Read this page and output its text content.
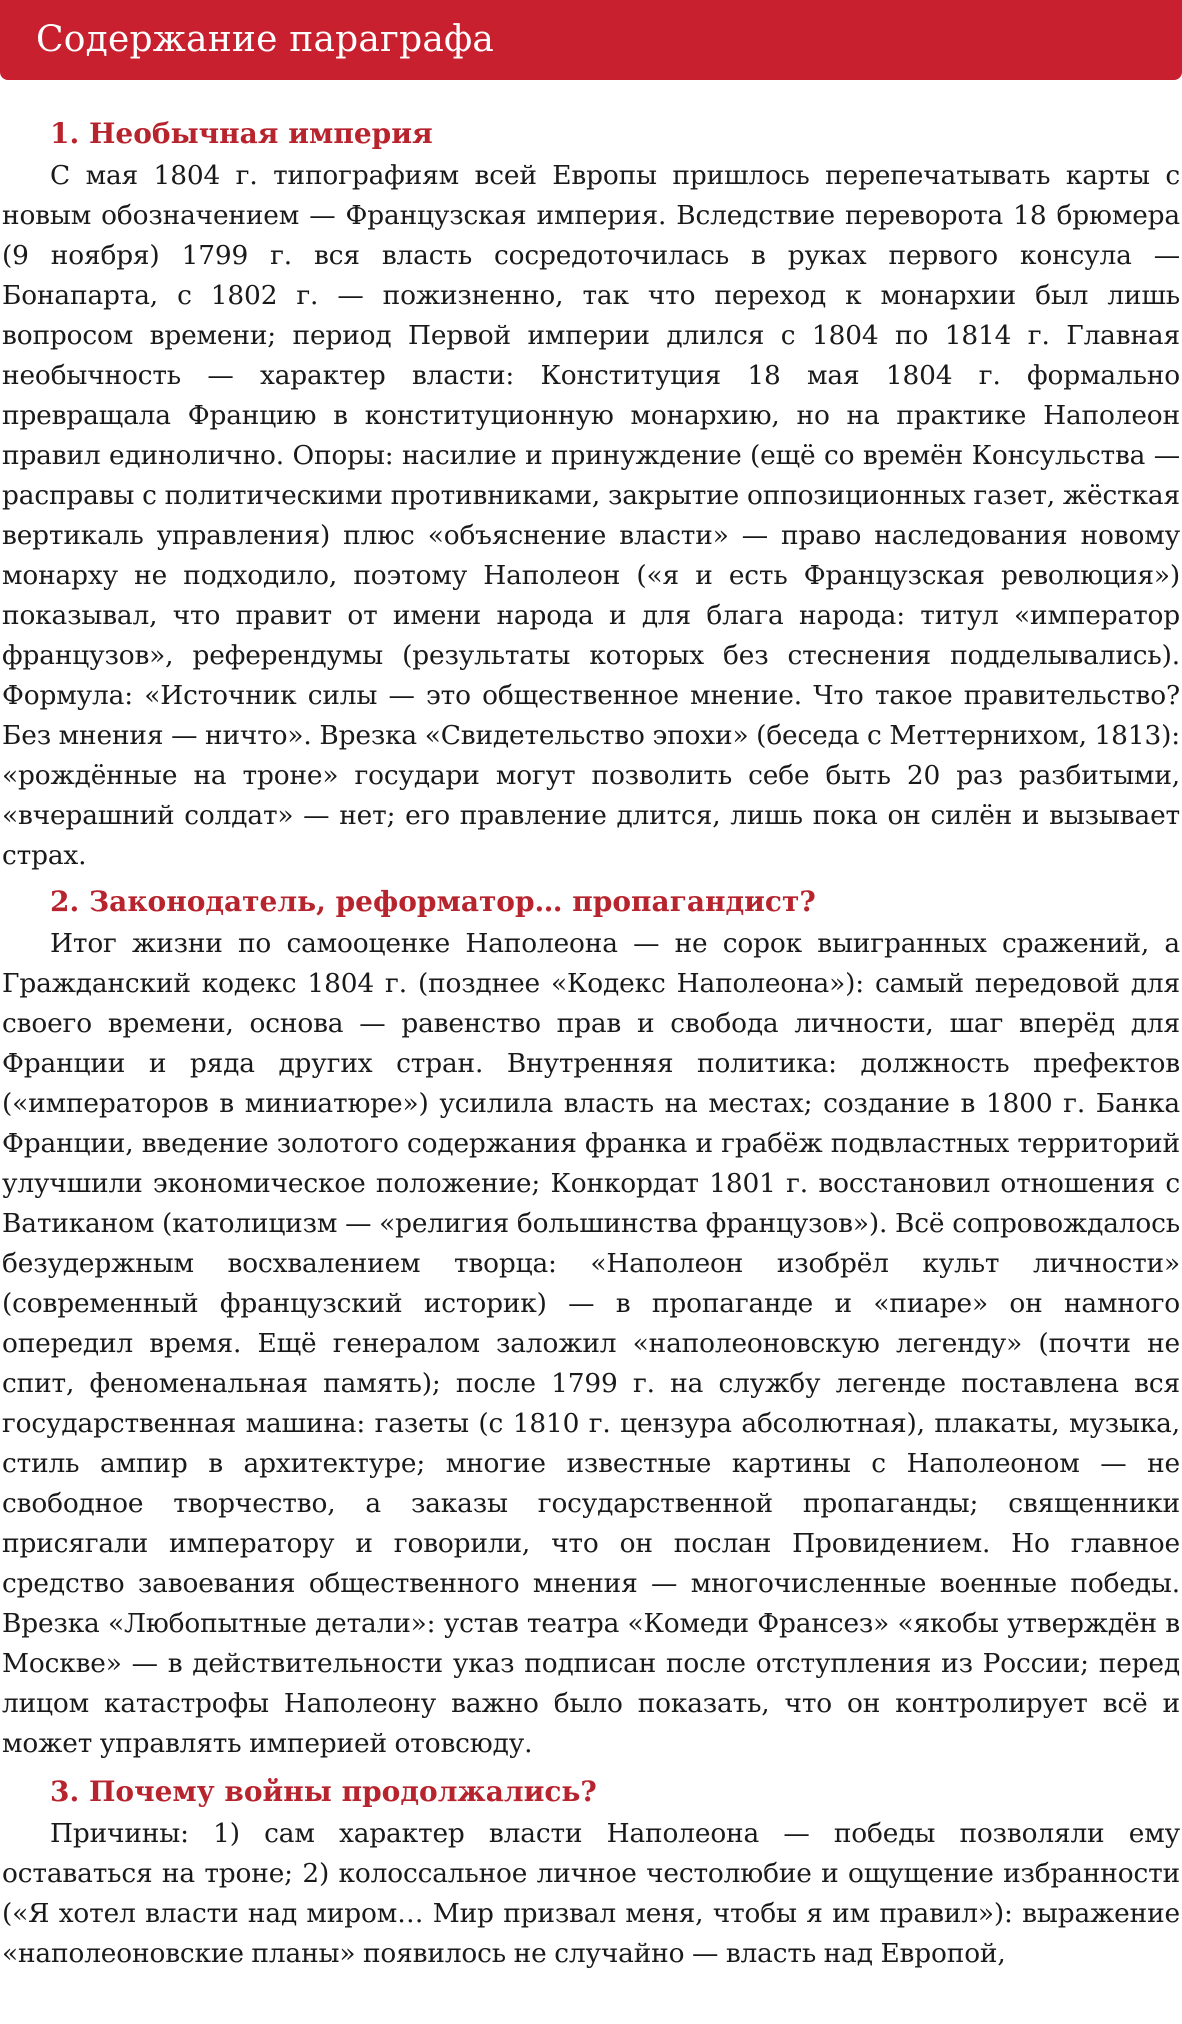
Содержание параграфа
1. Необычная империя

С мая 1804 г. типографиям всей Европы пришлось перепечатывать карты с новым обозначением — Французская империя. Вследствие переворота 18 брюмера (9 ноября) 1799 г. вся власть сосредоточилась в руках первого консула — Бонапарта, с 1802 г. — пожизненно, так что переход к монархии был лишь вопросом времени; период Первой империи длился с 1804 по 1814 г. Главная необычность — характер власти: Конституция 18 мая 1804 г. формально превращала Францию в конституционную монархию, но на практике Наполеон правил единолично. Опоры: насилие и принуждение (ещё со времён Консульства — расправы с политическими противниками, закрытие оппозиционных газет, жёсткая вертикаль управления) плюс «объяснение власти» — право наследования новому монарху не подходило, поэтому Наполеон («я и есть Французская революция») показывал, что правит от имени народа и для блага народа: титул «император французов», референдумы (результаты которых без стеснения подделывались). Формула: «Источник силы — это общественное мнение. Что такое правительство? Без мнения — ничто». Врезка «Свидетельство эпохи» (беседа с Меттернихом, 1813): «рождённые на троне» государи могут позволить себе быть 20 раз разбитыми, «вчерашний солдат» — нет; его правление длится, лишь пока он силён и вызывает страх.

2. Законодатель, реформатор… пропагандист?

Итог жизни по самооценке Наполеона — не сорок выигранных сражений, а Гражданский кодекс 1804 г. (позднее «Кодекс Наполеона»): самый передовой для своего времени, основа — равенство прав и свобода личности, шаг вперёд для Франции и ряда других стран. Внутренняя политика: должность префектов («императоров в миниатюре») усилила власть на местах; создание в 1800 г. Банка Франции, введение золотого содержания франка и грабёж подвластных территорий улучшили экономическое положение; Конкордат 1801 г. восстановил отношения с Ватиканом (католицизм — «религия большинства французов»). Всё сопровождалось безудержным восхвалением творца: «Наполеон изобрёл культ личности» (современный французский историк) — в пропаганде и «пиаре» он намного опередил время. Ещё генералом заложил «наполеоновскую легенду» (почти не спит, феноменальная память); после 1799 г. на службу легенде поставлена вся государственная машина: газеты (с 1810 г. цензура абсолютная), плакаты, музыка, стиль ампир в архитектуре; многие известные картины с Наполеоном — не свободное творчество, а заказы государственной пропаганды; священники присягали императору и говорили, что он послан Провидением. Но главное средство завоевания общественного мнения — многочисленные военные победы. Врезка «Любопытные детали»: устав театра «Комеди Франсез» «якобы утверждён в Москве» — в действительности указ подписан после отступления из России; перед лицом катастрофы Наполеону важно было показать, что он контролирует всё и может управлять империей отовсюду.

3. Почему войны продолжались?

Причины: 1) сам характер власти Наполеона — победы позволяли ему оставаться на троне; 2) колоссальное личное честолюбие и ощущение избранности («Я хотел власти над миром… Мир призвал меня, чтобы я им правил»): выражение «наполеоновские планы» появилось не случайно — власть над Европой,
